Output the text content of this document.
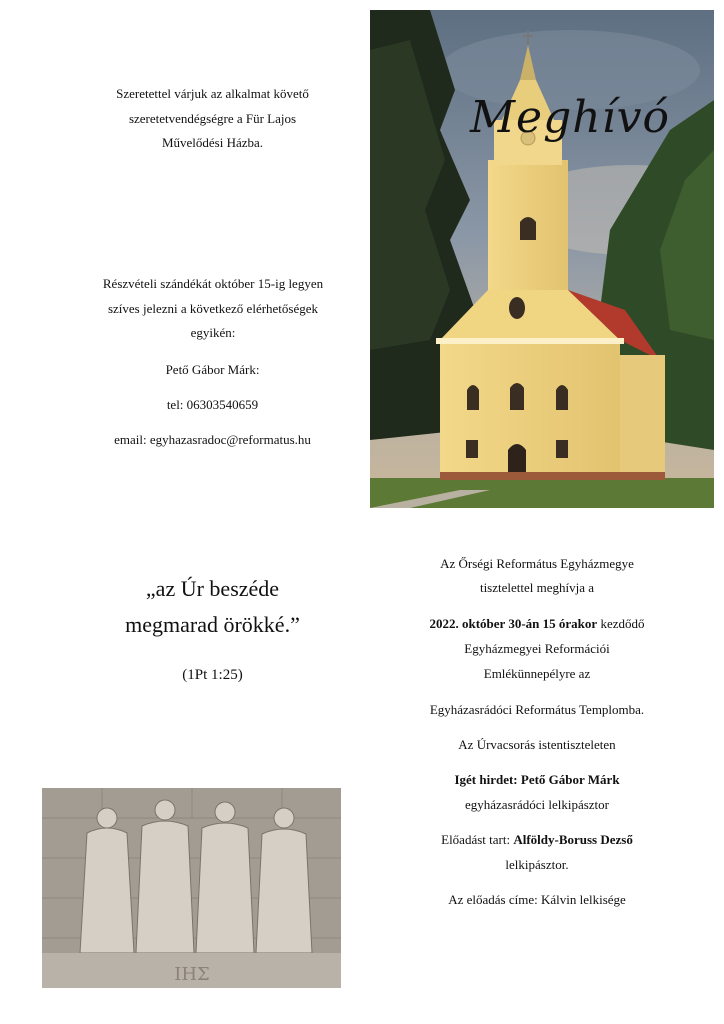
Szeretettel várjuk az alkalmat követő
szeretetvendégségre a Für Lajos
Művelődési Házba.
Részvételi szándékát október 15-ig legyen
szíves jelezni a következő elérhetőségek
egyikén:
Pető Gábor Márk:
tel: 06303540659
email: egyhazasradoc@reformatus.hu
Meghívó
„az Úr beszéde
megmarad örökké.”
(1Pt 1:25)
ΙΗΣ
Az Őrségi Református Egyházmegye
tisztelettel meghívja a
2022. október 30-án 15 órakor kezdődő
Egyházmegyei Reformációi
Emlékünnepélyre az
Egyházasrádóci Református Templomba.
Az Úrvacsorás istentiszteleten
Igét hirdet: Pető Gábor Márk
egyházasrádóci lelkipásztor
Előadást tart: Alföldy-Boruss Dezső
lelkipásztor.
Az előadás címe: Kálvin lelkisége
